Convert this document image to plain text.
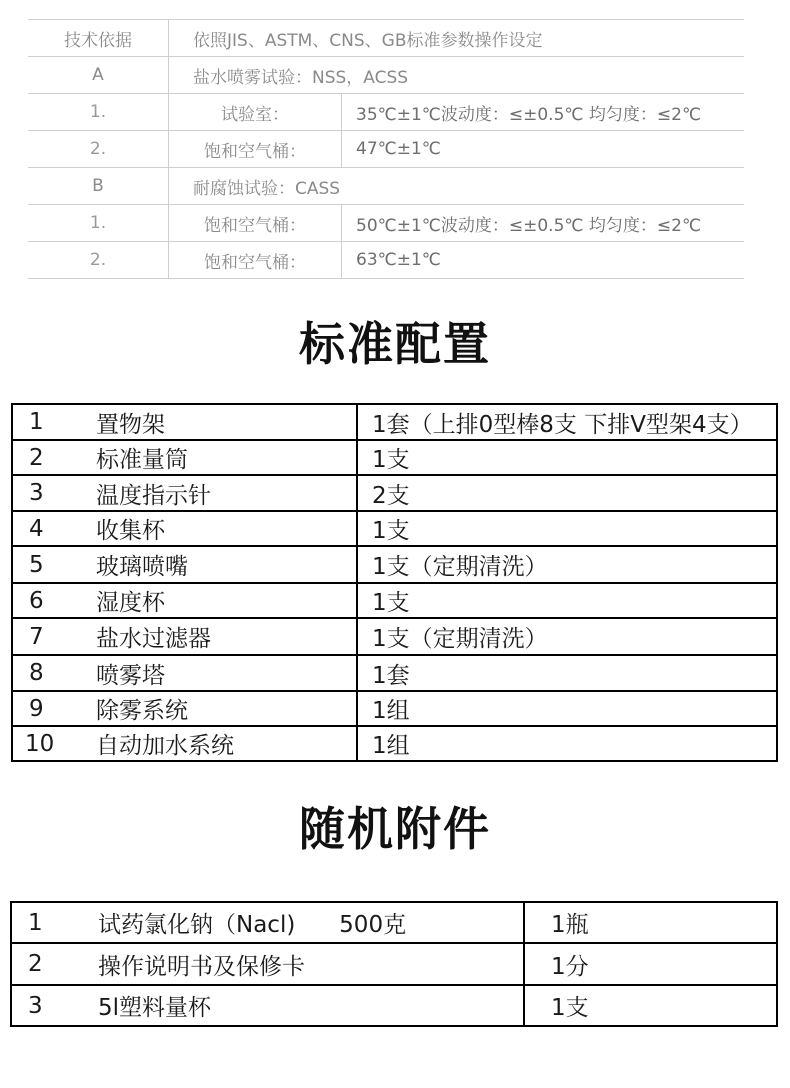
技术依据	依照JIS、ASTM、CNS、GB标准参数操作设定	
A	盐水喷雾试验：NSS，ACSS	
1.	试验室：	35℃±1℃波动度：≤±0.5℃ 均匀度：≤2℃
2.	饱和空气桶：	47℃±1℃
B	耐腐蚀试验：CASS	
1.	饱和空气桶：	50℃±1℃波动度：≤±0.5℃ 均匀度：≤2℃
2.	饱和空气桶：	63℃±1℃
标准配置
1	置物架	1套（上排0型棒8支 下排V型架4支）
2	标准量筒	1支
3	温度指示针	2支
4	收集杯	1支
5	玻璃喷嘴	1支（定期清洗）
6	湿度杯	1支
7	盐水过滤器	1支（定期清洗）
8	喷雾塔	1套
9	除雾系统	1组
10	自动加水系统	1组
随机附件
1	试药氯化钠（Nacl)      500克	1瓶
2	操作说明书及保修卡	1分
3	5l塑料量杯	1支
